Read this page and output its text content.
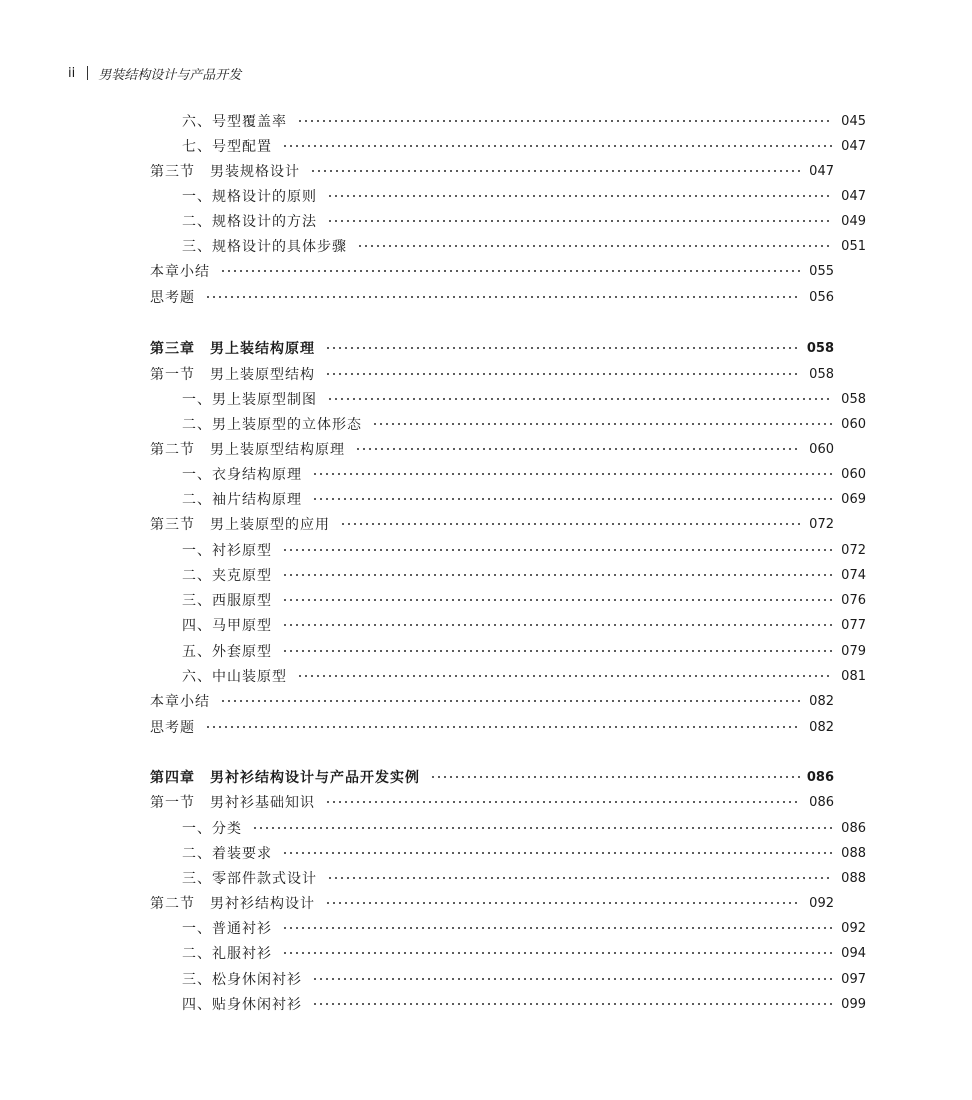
ii 男装结构设计与产品开发
六、号型覆盖率	045
七、号型配置	047
第三节　男装规格设计	047
一、规格设计的原则	047
二、规格设计的方法	049
三、规格设计的具体步骤	051
本章小结	055
思考题	056
第三章　男上装结构原理	058
第一节　男上装原型结构	058
一、男上装原型制图	058
二、男上装原型的立体形态	060
第二节　男上装原型结构原理	060
一、衣身结构原理	060
二、袖片结构原理	069
第三节　男上装原型的应用	072
一、衬衫原型	072
二、夹克原型	074
三、西服原型	076
四、马甲原型	077
五、外套原型	079
六、中山装原型	081
本章小结	082
思考题	082
第四章　男衬衫结构设计与产品开发实例	086
第一节　男衬衫基础知识	086
一、分类	086
二、着装要求	088
三、零部件款式设计	088
第二节　男衬衫结构设计	092
一、普通衬衫	092
二、礼服衬衫	094
三、松身休闲衬衫	097
四、贴身休闲衬衫	099
